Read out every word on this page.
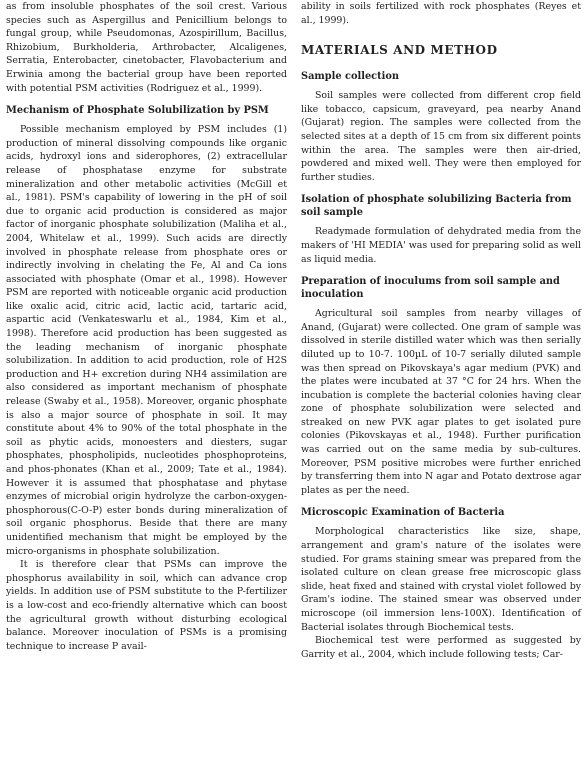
as from insoluble phosphates of the soil crest. Various species such as Aspergillus and Penicillium belongs to fungal group, while Pseudomonas, Azospirillum, Bacillus, Rhizobium, Burkholderia, Arthrobacter, Alcaligenes, Serratia, Enterobacter, cinetobacter, Flavobacterium and Erwinia among the bacterial group have been reported with potential PSM activities (Rodriguez et al., 1999).

Mechanism of Phosphate Solubilization by PSM

Possible mechanism employed by PSM includes (1) production of mineral dissolving compounds like organic acids, hydroxyl ions and siderophores, (2) extracellular release of phosphatase enzyme for substrate mineralization and other metabolic activities (McGill et al., 1981). PSM's capability of lowering in the pH of soil due to organic acid production is considered as major factor of inorganic phosphate solubilization (Maliha et al., 2004, Whitelaw et al., 1999). Such acids are directly involved in phosphate release from phosphate ores or indirectly involving in chelating the Fe, Al and Ca ions associated with phosphate (Omar et al., 1998). However PSM are reported with noticeable organic acid production like oxalic acid, citric acid, lactic acid, tartaric acid, aspartic acid (Venkateswarlu et al., 1984, Kim et al., 1998). Therefore acid production has been suggested as the leading mechanism of inorganic phosphate solubilization. In addition to acid production, role of H2S production and H+ excretion during NH4 assimilation are also considered as important mechanism of phosphate release (Swaby et al., 1958). Moreover, organic phosphate is also a major source of phosphate in soil. It may constitute about 4% to 90% of the total phosphate in the soil as phytic acids, monoesters and diesters, sugar phosphates, phospholipids, nucleotides phosphoproteins, and phos-phonates (Khan et al., 2009; Tate et al., 1984). However it is assumed that phosphatase and phytase enzymes of microbial origin hydrolyze the carbon-oxygen-phosphorous(C-O-P) ester bonds during mineralization of soil organic phosphorus. Beside that there are many unidentified mechanism that might be employed by the micro-organisms in phosphate solubilization.

It is therefore clear that PSMs can improve the phosphorus availability in soil, which can advance crop yields. In addition use of PSM substitute to the P-fertilizer is a low-cost and eco-friendly alternative which can boost the agricultural growth without disturbing ecological balance. Moreover inoculation of PSMs is a promising technique to increase P avail-

ability in soils fertilized with rock phosphates (Reyes et al., 1999).

MATERIALS AND METHOD
Sample collection

Soil samples were collected from different crop field like tobacco, capsicum, graveyard, pea nearby Anand (Gujarat) region. The samples were collected from the selected sites at a depth of 15 cm from six different points within the area. The samples were then air-dried, powdered and mixed well. They were then employed for further studies.

Isolation of phosphate solubilizing Bacteria from soil sample

Readymade formulation of dehydrated media from the makers of 'HI MEDIA' was used for preparing solid as well as liquid media.

Preparation of inoculums from soil sample and inoculation

Agricultural soil samples from nearby villages of Anand, (Gujarat) were collected. One gram of sample was dissolved in sterile distilled water which was then serially diluted up to 10-7. 100µL of 10-7 serially diluted sample was then spread on Pikovskaya's agar medium (PVK) and the plates were incubated at 37 °C for 24 hrs. When the incubation is complete the bacterial colonies having clear zone of phosphate solubilization were selected and streaked on new PVK agar plates to get isolated pure colonies (Pikovskayas et al., 1948). Further purification was carried out on the same media by sub-cultures. Moreover, PSM positive microbes were further enriched by transferring them into N agar and Potato dextrose agar plates as per the need.

Microscopic Examination of Bacteria

Morphological characteristics like size, shape, arrangement and gram's nature of the isolates were studied. For grams staining smear was prepared from the isolated culture on clean grease free microscopic glass slide, heat fixed and stained with crystal violet followed by Gram's iodine. The stained smear was observed under microscope (oil immersion lens-100X). Identification of Bacterial isolates through Biochemical tests.

Biochemical test were performed as suggested by Garrity et al., 2004, which include following tests; Car-
